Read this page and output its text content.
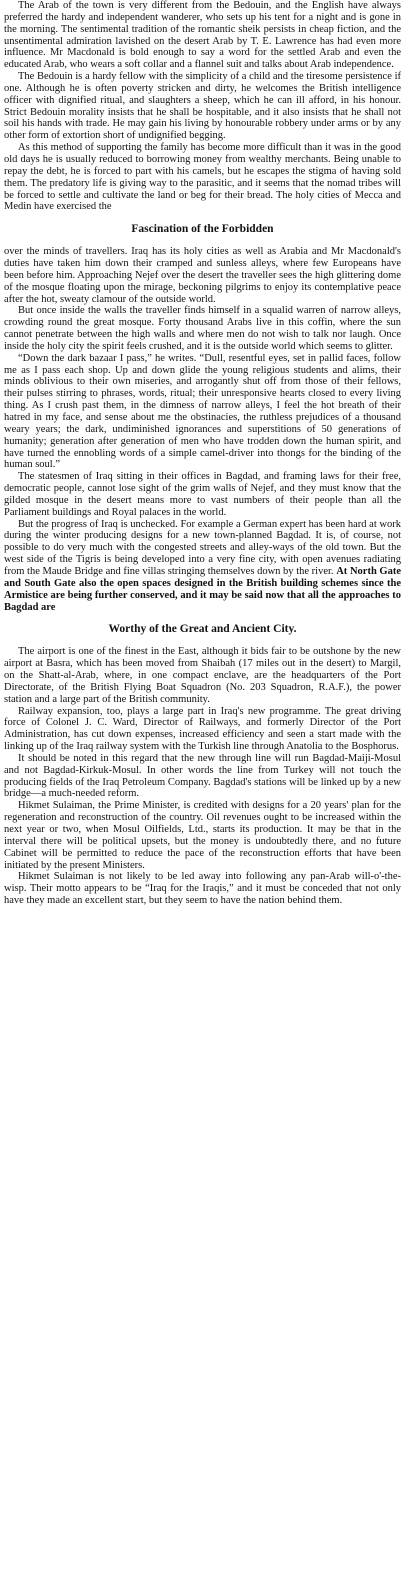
The Arab of the town is very different from the Bedouin, and the English have always preferred the hardy and independent wanderer, who sets up his tent for a night and is gone in the morning. The sentimental tradition of the romantic sheik persists in cheap fiction, and the unsentimental admiration lavished on the desert Arab by T. E. Lawrence has had even more influence. Mr Macdonald is bold enough to say a word for the settled Arab and even the educated Arab, who wears a soft collar and a flannel suit and talks about Arab independence.

The Bedouin is a hardy fellow with the simplicity of a child and the tiresome persistence if one. Although he is often poverty stricken and dirty, he welcomes the British intelligence officer with dignified ritual, and slaughters a sheep, which he can ill afford, in his honour. Strict Bedouin morality insists that he shall be hospitable, and it also insists that he shall not soil his hands with trade. He may gain his living by honourable robbery under arms or by any other form of extortion short of undignified begging.

As this method of supporting the family has become more difficult than it was in the good old days he is usually reduced to borrowing money from wealthy merchants. Being unable to repay the debt, he is forced to part with his camels, but he escapes the stigma of having sold them. The predatory life is giving way to the parasitic, and it seems that the nomad tribes will be forced to settle and cultivate the land or beg for their bread. The holy cities of Mecca and Medin have exercised the

Fascination of the Forbidden

over the minds of travellers. Iraq has its holy cities as well as Arabia and Mr Macdonald's duties have taken him down their cramped and sunless alleys, where few Europeans have been before him. Approaching Nejef over the desert the traveller sees the high glittering dome of the mosque floating upon the mirage, beckoning pilgrims to enjoy its contemplative peace after the hot, sweaty clamour of the outside world.

But once inside the walls the traveller finds himself in a squalid warren of narrow alleys, crowding round the great mosque. Forty thousand Arabs live in this coffin, where the sun cannot penetrate between the high walls and where men do not wish to talk nor laugh. Once inside the holy city the spirit feels crushed, and it is the outside world which seems to glitter.

“Down the dark bazaar I pass,” he writes. “Dull, resentful eyes, set in pallid faces, follow me as I pass each shop. Up and down glide the young religious students and alims, their minds oblivious to their own miseries, and arrogantly shut off from those of their fellows, their pulses stirring to phrases, words, ritual; their unresponsive hearts closed to every living thing. As I crush past them, in the dimness of narrow alleys, I feel the hot breath of their hatred in my face, and sense about me the obstinacies, the ruthless prejudices of a thousand weary years; the dark, undiminished ignorances and superstitions of 50 generations of humanity; generation after generation of men who have trodden down the human spirit, and have turned the ennobling words of a simple camel-driver into thongs for the binding of the human soul.”

The statesmen of Iraq sitting in their offices in Bagdad, and framing laws for their free, democratic people, cannot lose sight of the grim walls of Nejef, and they must know that the gilded mosque in the desert means more to vast numbers of their people than all the Parliament buildings and Royal palaces in the world.

But the progress of Iraq is unchecked. For example a German expert has been hard at work during the winter producing designs for a new town-planned Bagdad. It is, of course, not possible to do very much with the congested streets and alley-ways of the old town. But the west side of the Tigris is being developed into a very fine city, with open avenues radiating from the Maude Bridge and fine villas stringing themselves down by the river. At North Gate and South Gate also the open spaces designed in the British building schemes since the Armistice are being further conserved, and it may be said now that all the approaches to Bagdad are

Worthy of the Great and Ancient City.

The airport is one of the finest in the East, although it bids fair to be outshone by the new airport at Basra, which has been moved from Shaibah (17 miles out in the desert) to Margil, on the Shatt-al-Arab, where, in one compact enclave, are the headquarters of the Port Directorate, of the British Flying Boat Squadron (No. 203 Squadron, R.A.F.), the power station and a large part of the British community.

Railway expansion, too, plays a large part in Iraq's new programme. The great driving force of Colonel J. C. Ward, Director of Railways, and formerly Director of the Port Administration, has cut down expenses, increased efficiency and seen a start made with the linking up of the Iraq railway system with the Turkish line through Anatolia to the Bosphorus.

It should be noted in this regard that the new through line will run Bagdad-Maiji-Mosul and not Bagdad-Kirkuk-Mosul. In other words the line from Turkey will not touch the producing fields of the Iraq Petroleum Company. Bagdad's stations will be linked up by a new bridge—a much-needed reform.

Hikmet Sulaiman, the Prime Minister, is credited with designs for a 20 years' plan for the regeneration and reconstruction of the country. Oil revenues ought to be increased within the next year or two, when Mosul Oilfields, Ltd., starts its production. It may be that in the interval there will be political upsets, but the money is undoubtedly there, and no future Cabinet will be permitted to reduce the pace of the reconstruction efforts that have been initiated by the present Ministers.

Hikmet Sulaiman is not likely to be led away into following any pan-Arab will-o'-the-wisp. Their motto appears to be “Iraq for the Iraqis,” and it must be conceded that not only have they made an excellent start, but they seem to have the nation behind them.
